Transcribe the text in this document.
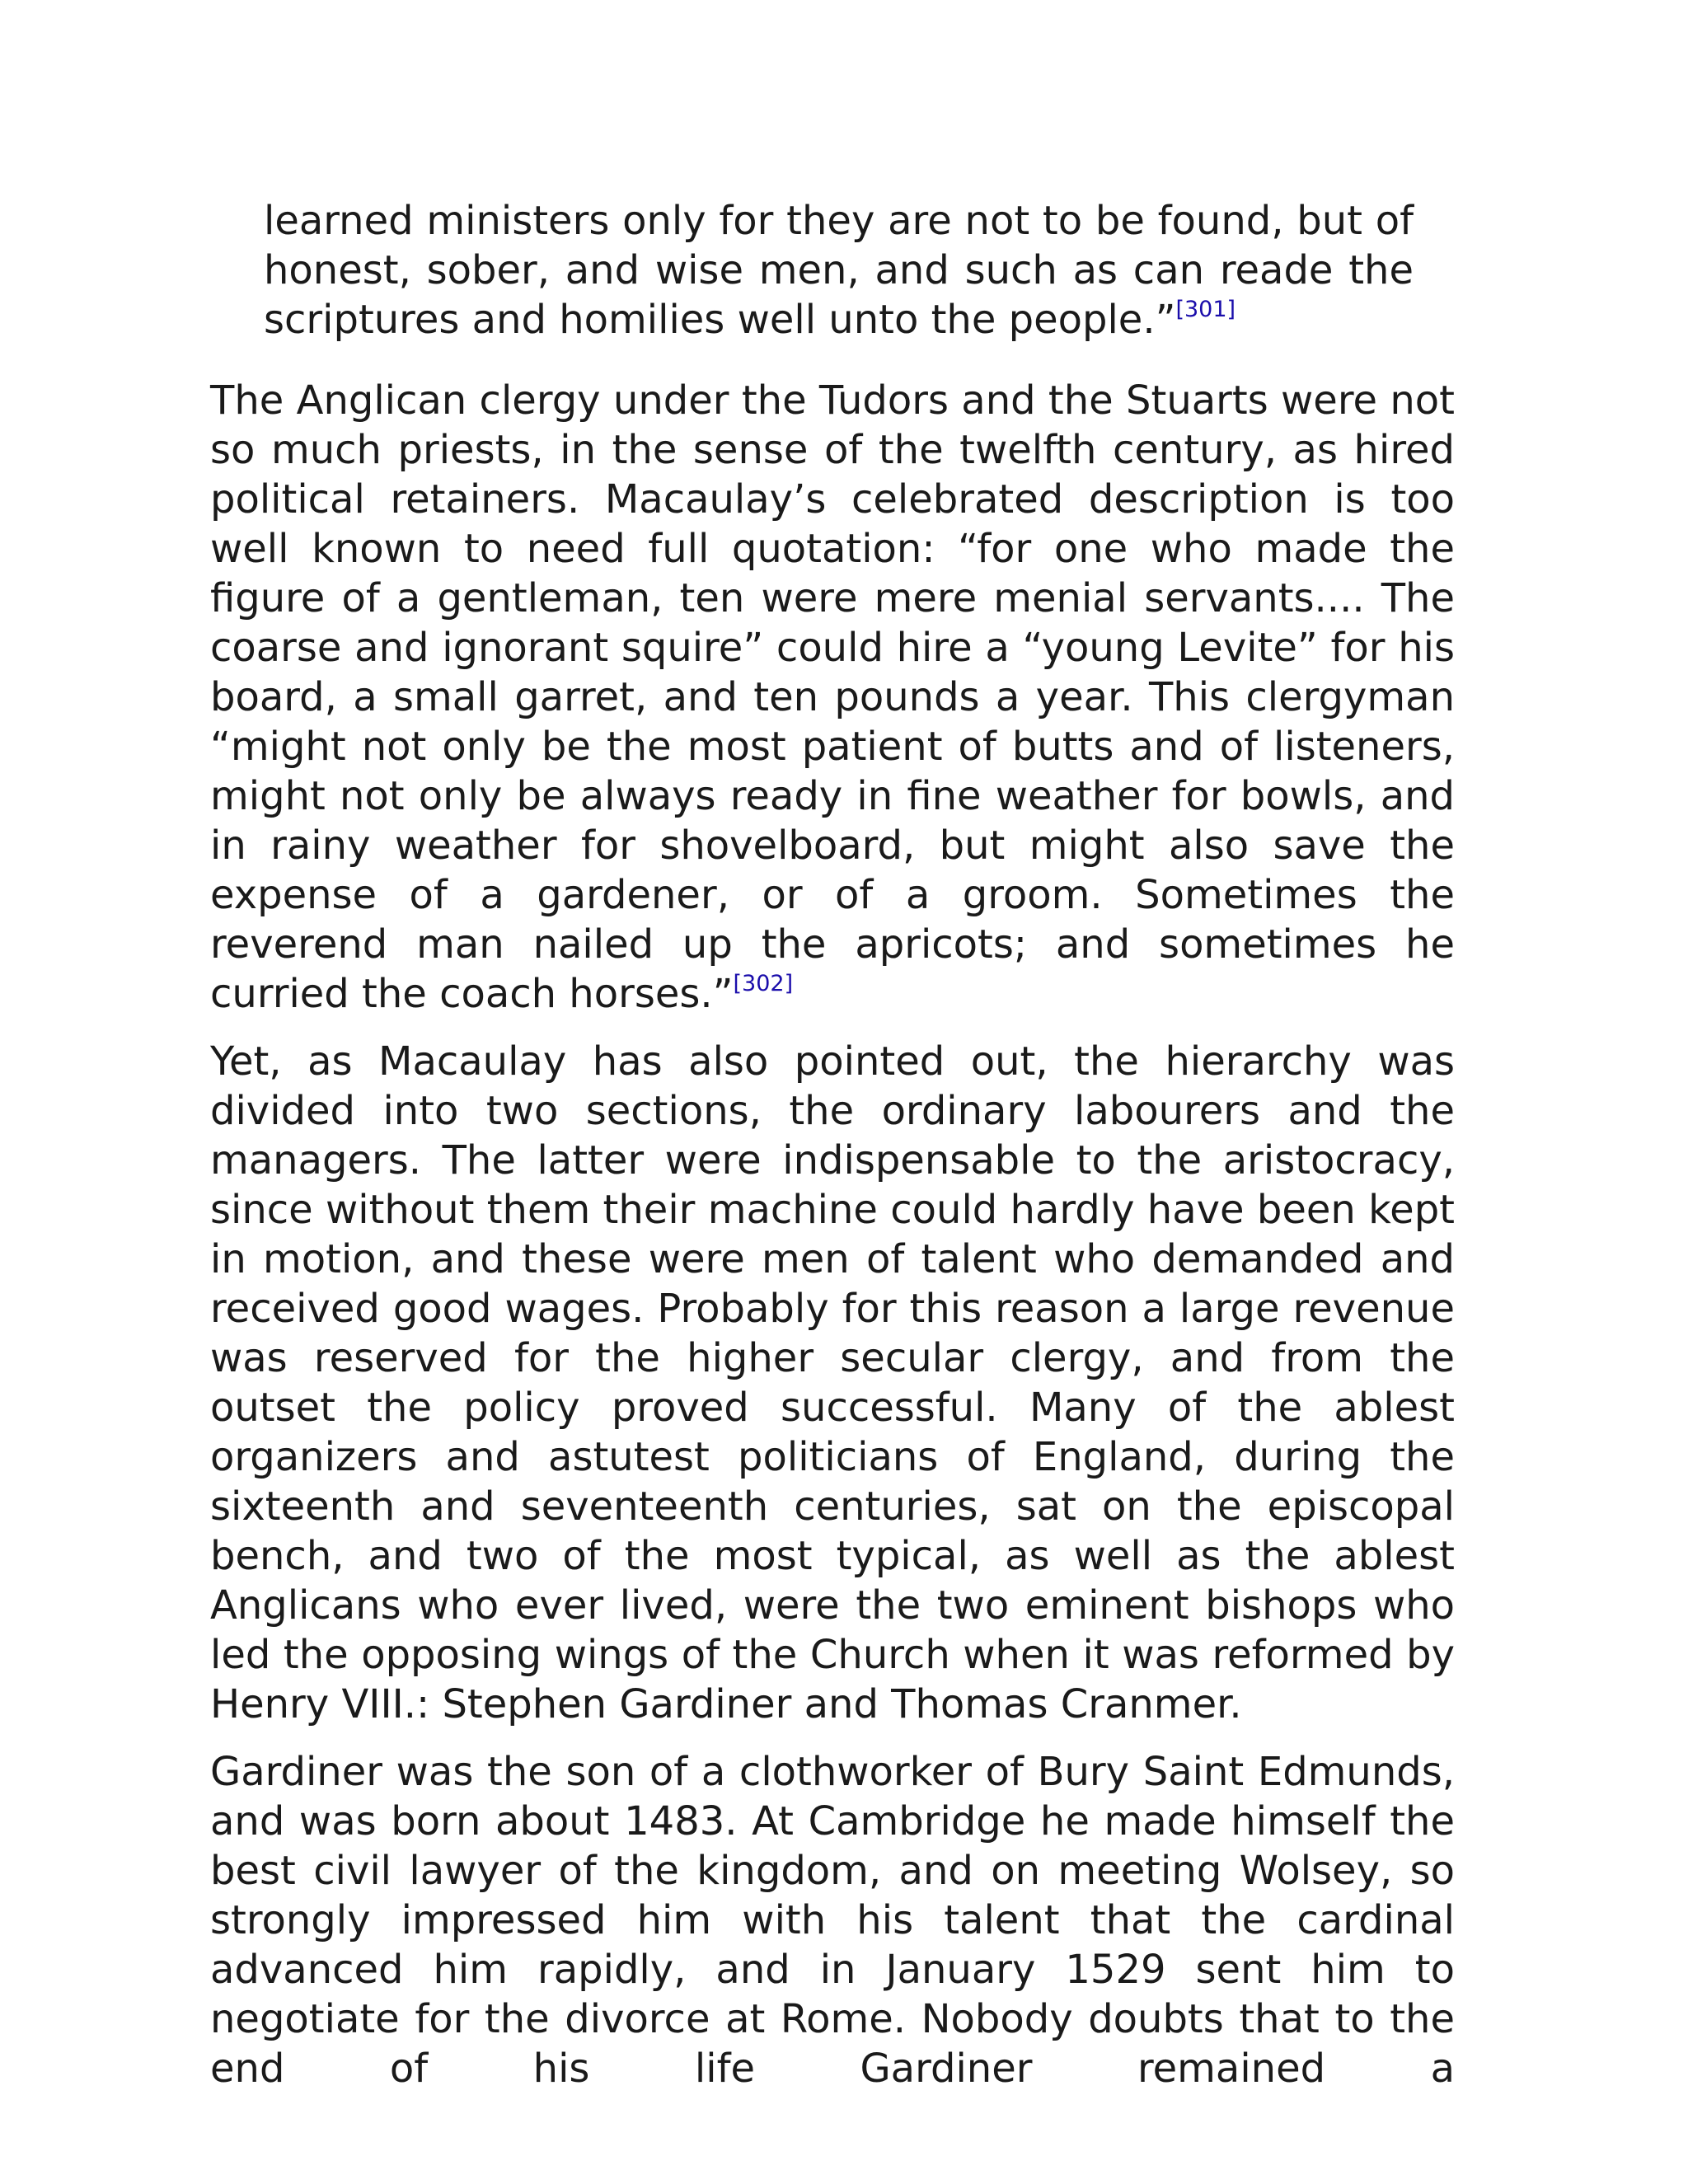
learned ministers only for they are not to be found, but of honest, sober, and wise men, and such as can reade the scriptures and homilies well unto the people.”[301]

The Anglican clergy under the Tudors and the Stuarts were not so much priests, in the sense of the twelfth century, as hired political retainers. Macaulay’s celebrated description is too well known to need full quotation: “for one who made the figure of a gentleman, ten were mere menial servants.... The coarse and ignorant squire” could hire a “young Levite” for his board, a small garret, and ten pounds a year. This clergyman “might not only be the most patient of butts and of listeners, might not only be always ready in fine weather for bowls, and in rainy weather for shovelboard, but might also save the expense of a gardener, or of a groom. Sometimes the reverend man nailed up the apricots; and sometimes he curried the coach horses.”[302]

Yet, as Macaulay has also pointed out, the hierarchy was divided into two sections, the ordinary labourers and the managers. The latter were indispensable to the aristocracy, since without them their machine could hardly have been kept in motion, and these were men of talent who demanded and received good wages. Probably for this reason a large revenue was reserved for the higher secular clergy, and from the outset the policy proved successful. Many of the ablest organizers and astutest politicians of England, during the sixteenth and seventeenth centuries, sat on the episcopal bench, and two of the most typical, as well as the ablest Anglicans who ever lived, were the two eminent bishops who led the opposing wings of the Church when it was reformed by Henry VIII.: Stephen Gardiner and Thomas Cranmer.

Gardiner was the son of a clothworker of Bury Saint Edmunds, and was born about 1483. At Cambridge he made himself the best civil lawyer of the kingdom, and on meeting Wolsey, so strongly impressed him with his talent that the cardinal advanced him rapidly, and in January 1529 sent him to negotiate for the divorce at Rome. Nobody doubts that to the end of his life Gardiner remained a
